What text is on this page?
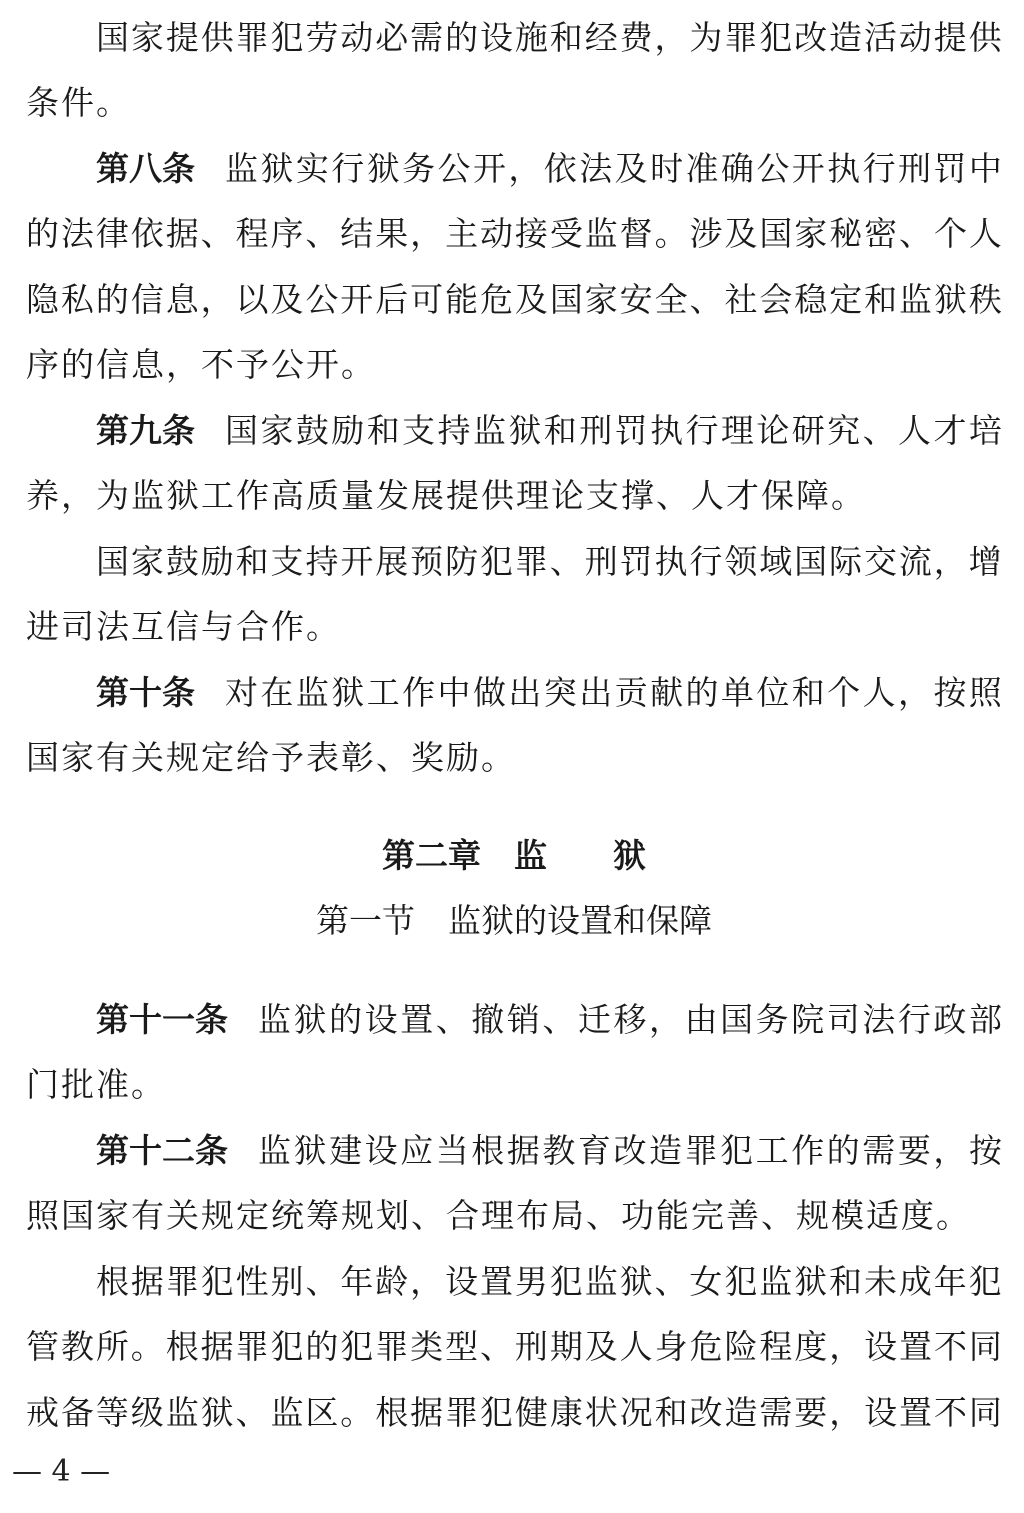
第二章　监　　狱
第一节　监狱的设置和保障
国 家 提 供 罪 犯 劳 动 必 需 的 设 施 和 经 费 ， 为 罪 犯 改 造 活 动 提 供
条件。
第八条 监 狱 实 行 狱 务 公 开 ， 依 法 及 时 准 确 公 开 执 行 刑 罚 中
的 法 律 依 据 、 程 序 、 结 果 ， 主 动 接 受 监 督 。 涉 及 国 家 秘 密 、 个 人
隐 私 的 信 息 ， 以 及 公 开 后 可 能 危 及 国 家 安 全 、 社 会 稳 定 和 监 狱 秩
序的信息，不予公开。
第九条 国 家 鼓 励 和 支 持 监 狱 和 刑 罚 执 行 理 论 研 究 、 人 才 培
养，为监狱工作高质量发展提供理论支撑、人才保障。
国 家 鼓 励 和 支 持 开 展 预 防 犯 罪 、 刑 罚 执 行 领 域 国 际 交 流 ， 增
进司法互信与合作。
第十条 对 在 监 狱 工 作 中 做 出 突 出 贡 献 的 单 位 和 个 人 ， 按 照
国家有关规定给予表彰、奖励。
第十一条 监 狱 的 设 置 、 撤 销 、 迁 移 ， 由 国 务 院 司 法 行 政 部
门批准。
第十二条 监 狱 建 设 应 当 根 据 教 育 改 造 罪 犯 工 作 的 需 要 ， 按
照国家有关规定统筹规划、合理布局、功能完善、规模适度。
根 据 罪 犯 性 别 、 年 龄 ， 设 置 男 犯 监 狱 、 女 犯 监 狱 和 未 成 年 犯
管 教 所 。 根 据 罪 犯 的 犯 罪 类 型 、 刑 期 及 人 身 危 险 程 度 ， 设 置 不 同
戒 备 等 级 监 狱 、 监 区 。 根 据 罪 犯 健 康 状 况 和 改 造 需 要 ， 设 置 不 同
— 4 —
